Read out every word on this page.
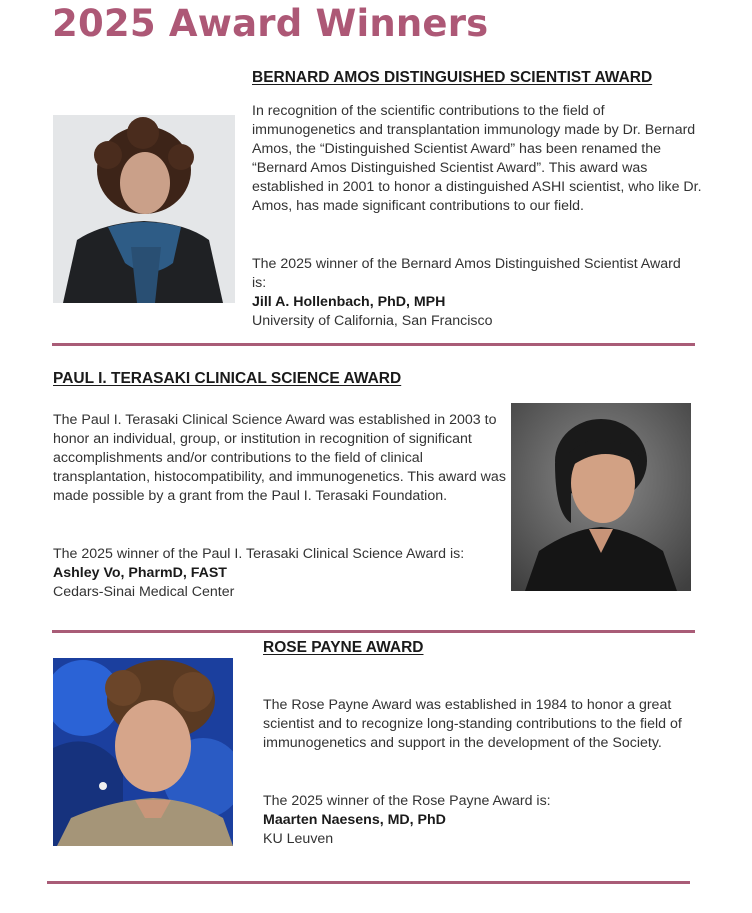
2025 Award Winners
BERNARD AMOS DISTINGUISHED SCIENTIST AWARD

In recognition of the scientific contributions to the field of immunogenetics and transplantation immunology made by Dr. Bernard Amos, the “Distinguished Scientist Award” has been renamed the “Bernard Amos Distinguished Scientist Award”. This award was established in 2001 to honor a distinguished ASHI scientist, who like Dr. Amos, has made significant contributions to our field.

The 2025 winner of the Bernard Amos Distinguished Scientist Award is:

Jill A. Hollenbach, PhD, MPH

University of California, San Francisco

PAUL I. TERASAKI CLINICAL SCIENCE AWARD

The Paul I. Terasaki Clinical Science Award was established in 2003 to honor an individual, group, or institution in recognition of significant accomplishments and/or contributions to the field of clinical transplantation, histocompatibility, and immunogenetics. This award was made possible by a grant from the Paul I. Terasaki Foundation.

The 2025 winner of the Paul I. Terasaki Clinical Science Award is:

Ashley Vo, PharmD, FAST

Cedars-Sinai Medical Center

ROSE PAYNE AWARD

The Rose Payne Award was established in 1984 to honor a great scientist and to recognize long-standing contributions to the field of immunogenetics and support in the development of the Society.

The 2025 winner of the Rose Payne Award is:

Maarten Naesens, MD, PhD

KU Leuven
